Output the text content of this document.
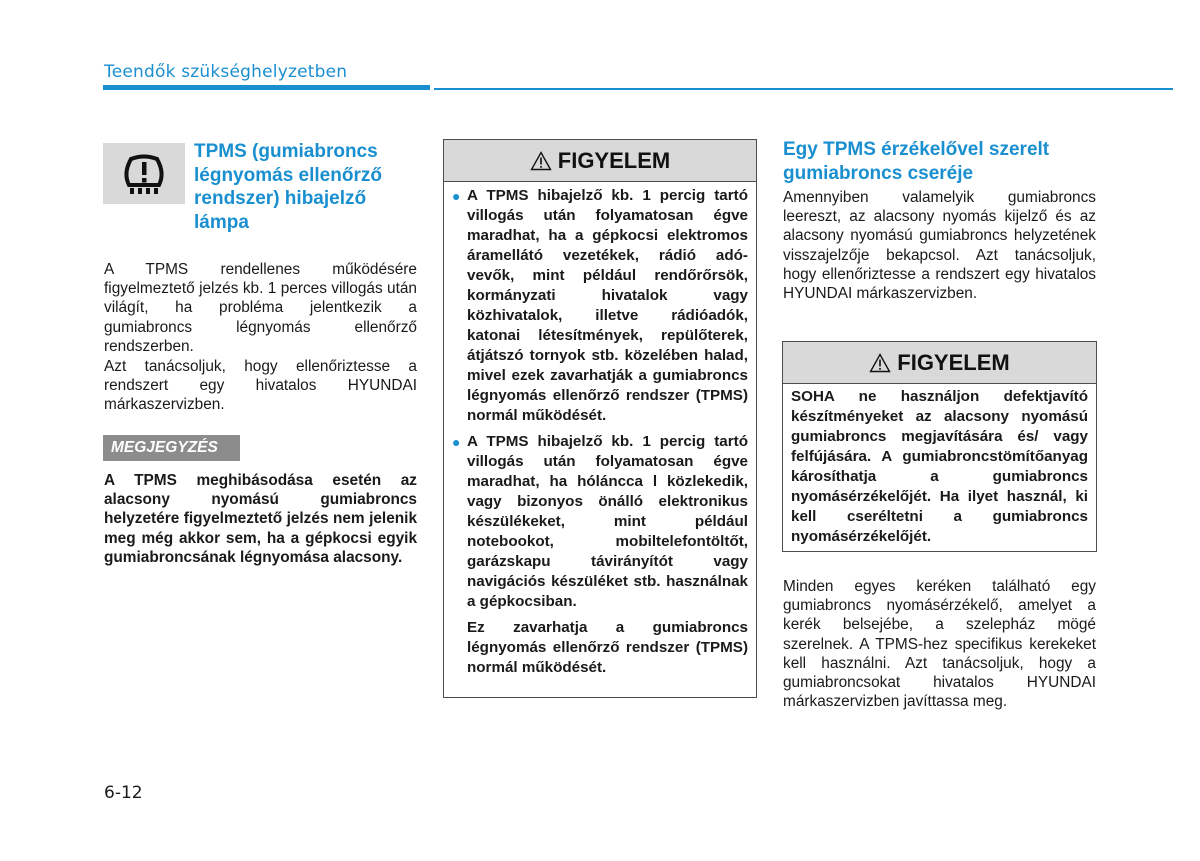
Teendők szükséghelyzetben
TPMS (gumiabroncs légnyomás ellenőrző rendszer) hibajelző lámpa

A TPMS rendellenes működésére figyelmeztető jelzés kb. 1 perces villogás után világít, ha probléma jelentkezik a gumiabroncs légnyomás ellenőrző rendszerben.

Azt tanácsoljuk, hogy ellenőriztesse a rendszert egy hivatalos HYUNDAI márkaszervizben.

MEGJEGYZÉS

A TPMS meghibásodása esetén az alacsony nyomású gumiabroncs helyzetére figyelmeztető jelzés nem jelenik meg még akkor sem, ha a gépkocsi egyik gumiabroncsának légnyomása alacsony.

FIGYELEM
● A TPMS hibajelző kb. 1 percig tartó villogás után folyamatosan égve maradhat, ha a gépkocsi elektromos áramellátó vezetékek, rádió adó-vevők, mint például rendőrőrsök, kormányzati hivatalok vagy közhivatalok, illetve rádióadók, katonai létesítmények, repülőterek, átjátszó tornyok stb. közelében halad, mivel ezek zavarhatják a gumiabroncs légnyomás ellenőrző rendszer (TPMS) normál működését.
● A TPMS hibajelző kb. 1 percig tartó villogás után folyamatosan égve maradhat, ha hóláncca l közlekedik, vagy bizonyos önálló elektronikus készülékeket, mint például notebookot, mobiltelefontöltőt, garázskapu távirányítót vagy navigációs készüléket stb. használnak a gépkocsiban.
Ez zavarhatja a gumiabroncs légnyomás ellenőrző rendszer (TPMS) normál működését.
Egy TPMS érzékelővel szerelt gumiabroncs cseréje

Amennyiben valamelyik gumiabroncs leereszt, az alacsony nyomás kijelző és az alacsony nyomású gumiabroncs helyzetének visszajelzője bekapcsol. Azt tanácsoljuk, hogy ellenőriztesse a rendszert egy hivatalos HYUNDAI márkaszervizben.

FIGYELEM
SOHA ne használjon defektjavító készítményeket az alacsony nyomású gumiabroncs megjavítására és/ vagy felfújására. A gumiabroncstömítőanyag károsíthatja a gumiabroncs nyomásérzékelőjét. Ha ilyet használ, ki kell cseréltetni a gumiabroncs nyomásérzékelőjét.

Minden egyes keréken található egy gumiabroncs nyomásérzékelő, amelyet a kerék belsejébe, a szelepház mögé szerelnek. A TPMS-hez specifikus kerekeket kell használni. Azt tanácsoljuk, hogy a gumiabroncsokat hivatalos HYUNDAI márkaszervizben javíttassa meg.

6-12
